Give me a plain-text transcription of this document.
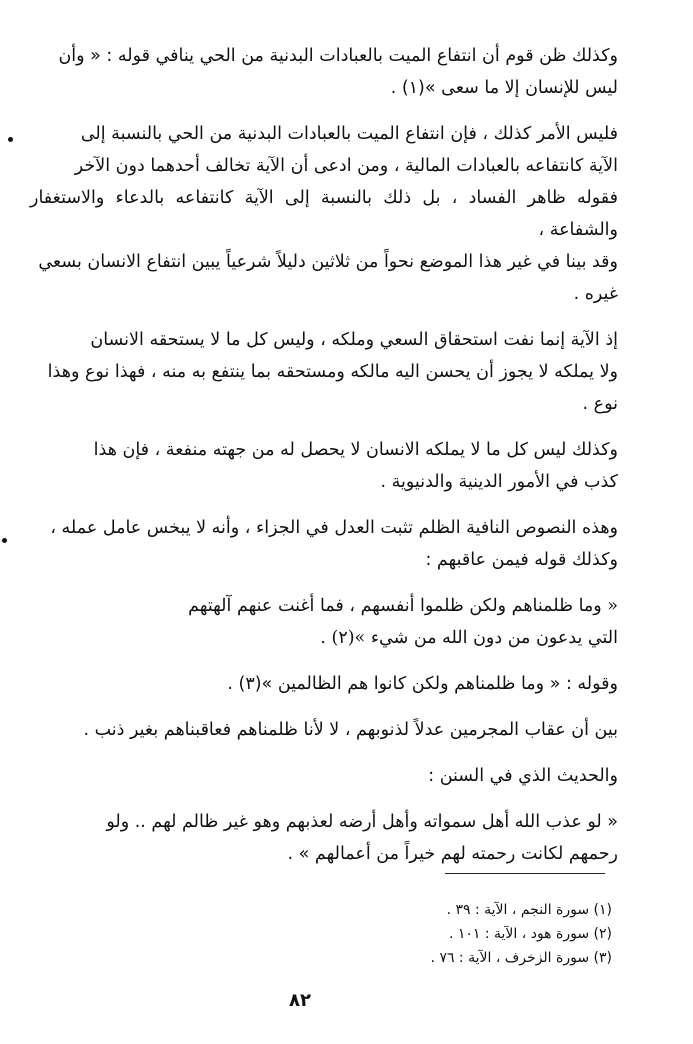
وكذلك ظن قوم أن انتفاع الميت بالعبادات البدنية من الحي ينافي قوله : « وأن
ليس للإنسان إلا ما سعى »(١) .

فليس الأمر كذلك ، فإن انتفاع الميت بالعبادات البدنية من الحي بالنسبة إلى
الآية كانتفاعه بالعبادات المالية ، ومن ادعى أن الآية تخالف أحدهما دون الآخر
فقوله ظاهر الفساد ، بل ذلك بالنسبة إلى الآية كانتفاعه بالدعاء والاستغفار والشفاعة ،
وقد بينا في غير هذا الموضع نحواً من ثلاثين دليلاً شرعياً يبين انتفاع الانسان بسعي
غيره .

إذ الآية إنما نفت استحقاق السعي وملكه ، وليس كل ما لا يستحقه الانسان
ولا يملكه لا يجوز أن يحسن اليه مالكه ومستحقه بما ينتفع به منه ، فهذا نوع وهذا
نوع .

وكذلك ليس كل ما لا يملكه الانسان لا يحصل له من جهته منفعة ، فإن هذا
كذب في الأمور الدينية والدنيوية .

وهذه النصوص النافية الظلم تثبت العدل في الجزاء ، وأنه لا يبخس عامل عمله ،
وكذلك قوله فيمن عاقبهم :

« وما ظلمناهم ولكن ظلموا أنفسهم ، فما أغنت عنهم آلهتهم
التي يدعون من دون الله من شيء »(٢) .

وقوله : « وما ظلمناهم ولكن كانوا هم الظالمين »(٣) .

بين أن عقاب المجرمين عدلاً لذنوبهم ، لا لأنا ظلمناهم فعاقبناهم بغير ذنب .

والحديث الذي في السنن :

« لو عذب الله أهل سمواته وأهل أرضه لعذبهم وهو غير ظالم لهم .. ولو
رحمهم لكانت رحمته لهم خيراً من أعمالهم » .

(١) سورة النجم ، الآية : ٣٩ .
(٢) سورة هود ، الآية : ١٠١ .
(٣) سورة الزخرف ، الآية : ٧٦ .
٨٢
